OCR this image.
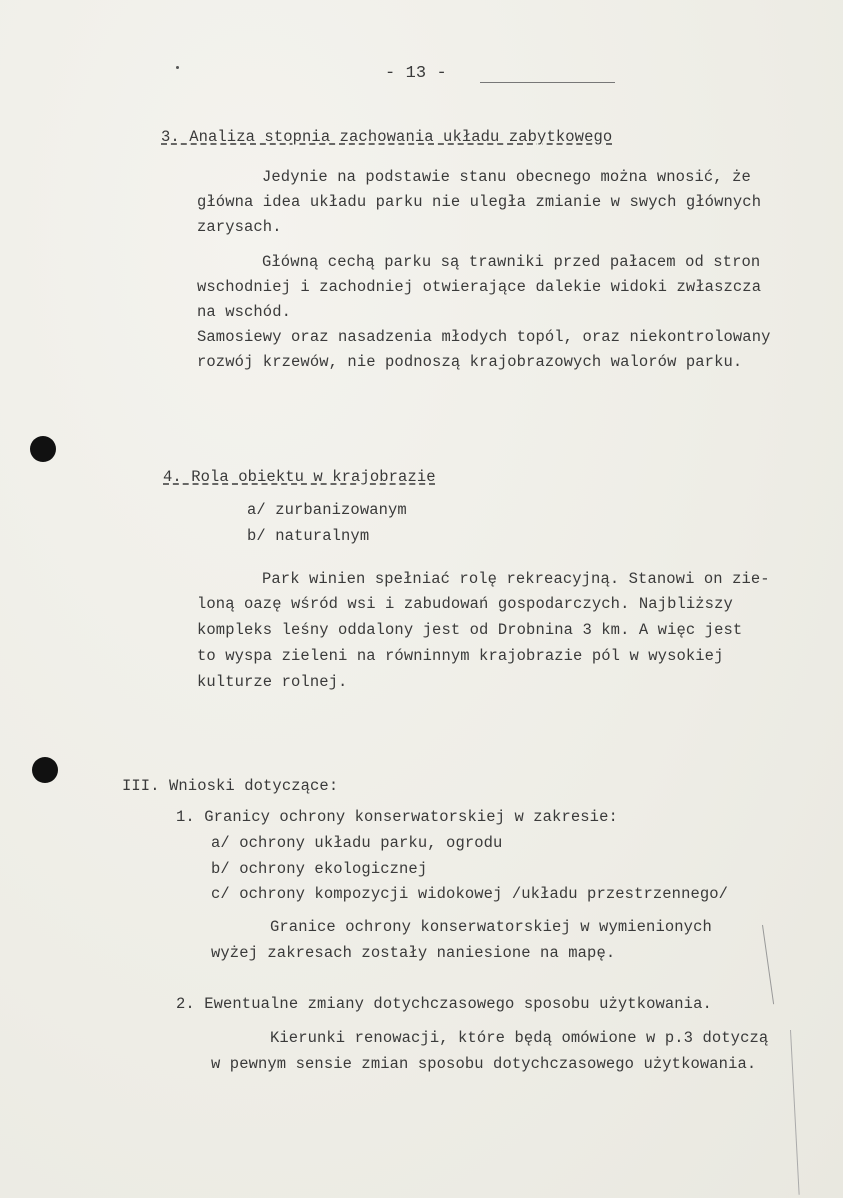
- 13 -
3. Analiza stopnia zachowania układu zabytkowego
Jedynie na podstawie stanu obecnego można wnosić, że
główna idea układu parku nie uległa zmianie w swych głównych
zarysach.
Główną cechą parku są trawniki przed pałacem od stron
wschodniej i zachodniej otwierające dalekie widoki zwłaszcza
na wschód.
Samosiewy oraz nasadzenia młodych topól, oraz niekontrolowany
rozwój krzewów, nie podnoszą krajobrazowych walorów parku.
4. Rola obiektu w krajobrazie
a/ zurbanizowanym
b/ naturalnym
Park winien spełniać rolę rekreacyjną. Stanowi on zie-
loną oazę wśród wsi i zabudowań gospodarczych. Najbliższy
kompleks leśny oddalony jest od Drobnina 3 km. A więc jest
to wyspa zieleni na równinnym krajobrazie pól w wysokiej
kulturze rolnej.
III. Wnioski dotyczące:
1. Granicy ochrony konserwatorskiej w zakresie:
a/ ochrony układu parku, ogrodu
b/ ochrony ekologicznej
c/ ochrony kompozycji widokowej /układu przestrzennego/
Granice ochrony konserwatorskiej w wymienionych
wyżej zakresach zostały naniesione na mapę.
2. Ewentualne zmiany dotychczasowego sposobu użytkowania.
Kierunki renowacji, które będą omówione w p.3 dotyczą
w pewnym sensie zmian sposobu dotychczasowego użytkowania.
